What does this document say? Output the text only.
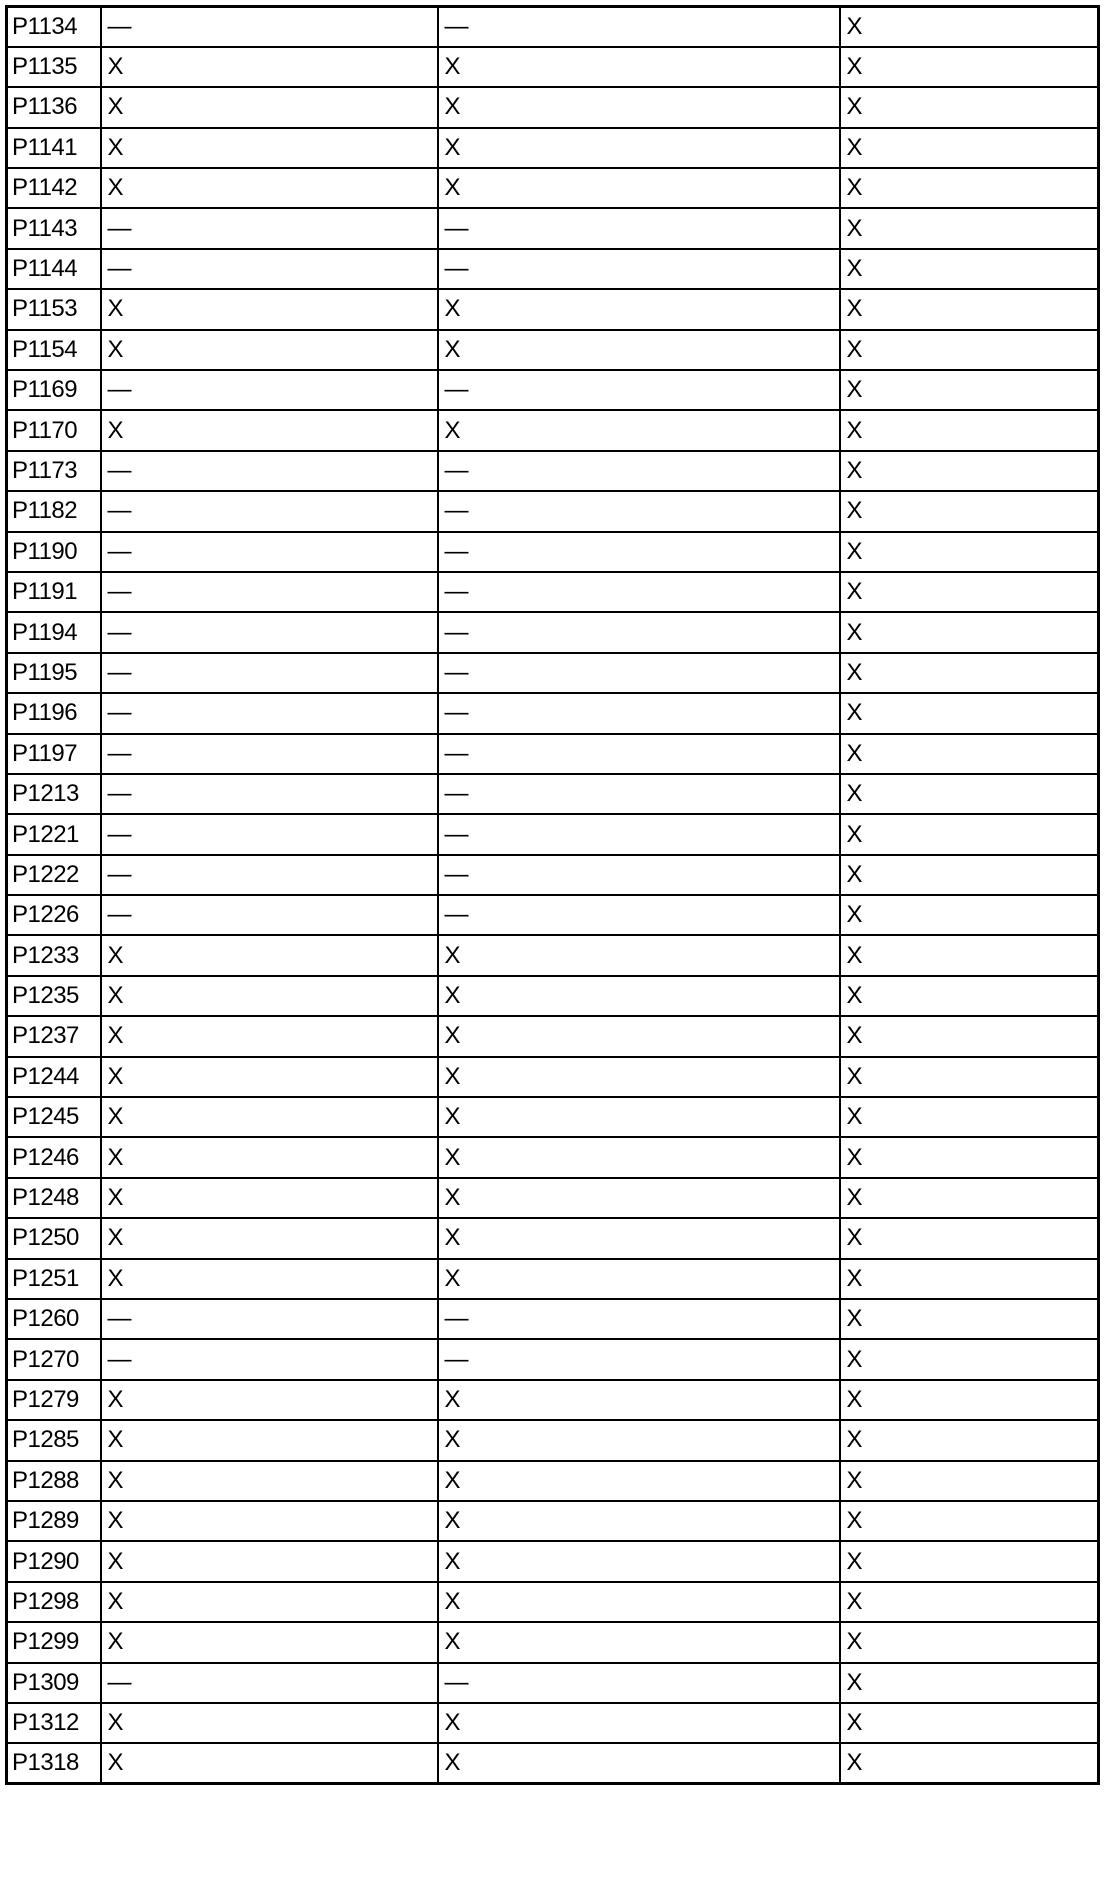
P1134	—	—	X
P1135	X	X	X
P1136	X	X	X
P1141	X	X	X
P1142	X	X	X
P1143	—	—	X
P1144	—	—	X
P1153	X	X	X
P1154	X	X	X
P1169	—	—	X
P1170	X	X	X
P1173	—	—	X
P1182	—	—	X
P1190	—	—	X
P1191	—	—	X
P1194	—	—	X
P1195	—	—	X
P1196	—	—	X
P1197	—	—	X
P1213	—	—	X
P1221	—	—	X
P1222	—	—	X
P1226	—	—	X
P1233	X	X	X
P1235	X	X	X
P1237	X	X	X
P1244	X	X	X
P1245	X	X	X
P1246	X	X	X
P1248	X	X	X
P1250	X	X	X
P1251	X	X	X
P1260	—	—	X
P1270	—	—	X
P1279	X	X	X
P1285	X	X	X
P1288	X	X	X
P1289	X	X	X
P1290	X	X	X
P1298	X	X	X
P1299	X	X	X
P1309	—	—	X
P1312	X	X	X
P1318	X	X	X
